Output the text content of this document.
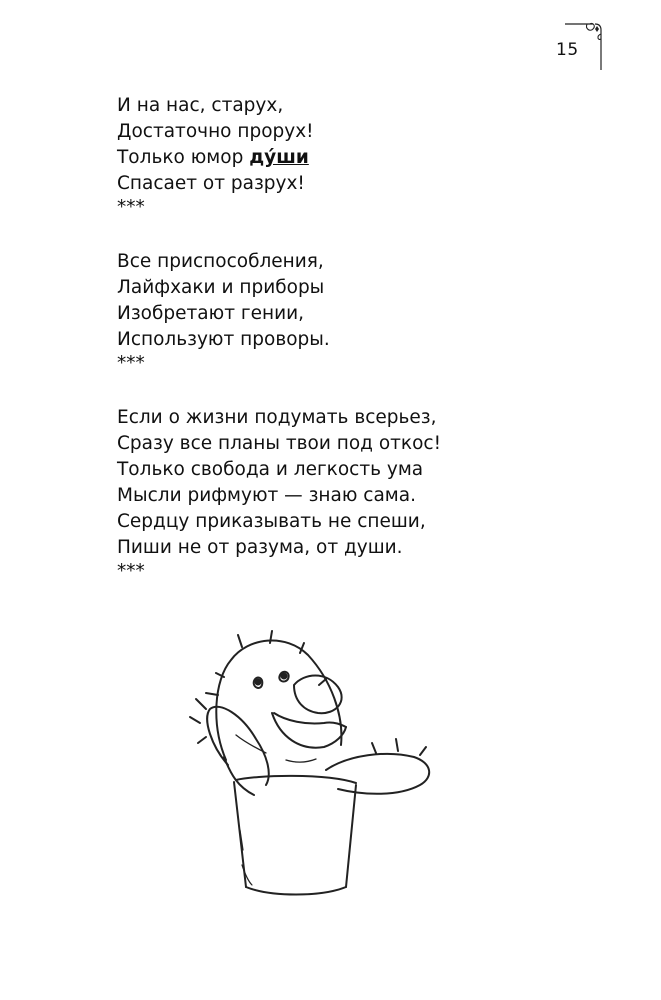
15
И на нас, старух,
Достаточно прорух!
Только юмор дýши
Спасает от разрух!
***
Все приспособления,
Лайфхаки и приборы
Изобретают гении,
Используют проворы.
***
Если о жизни подумать всерьез,
Сразу все планы твои под откос!
Только свобода и легкость ума
Мысли рифмуют — знаю сама.
Сердцу приказывать не спеши,
Пиши не от разума, от души.
***
